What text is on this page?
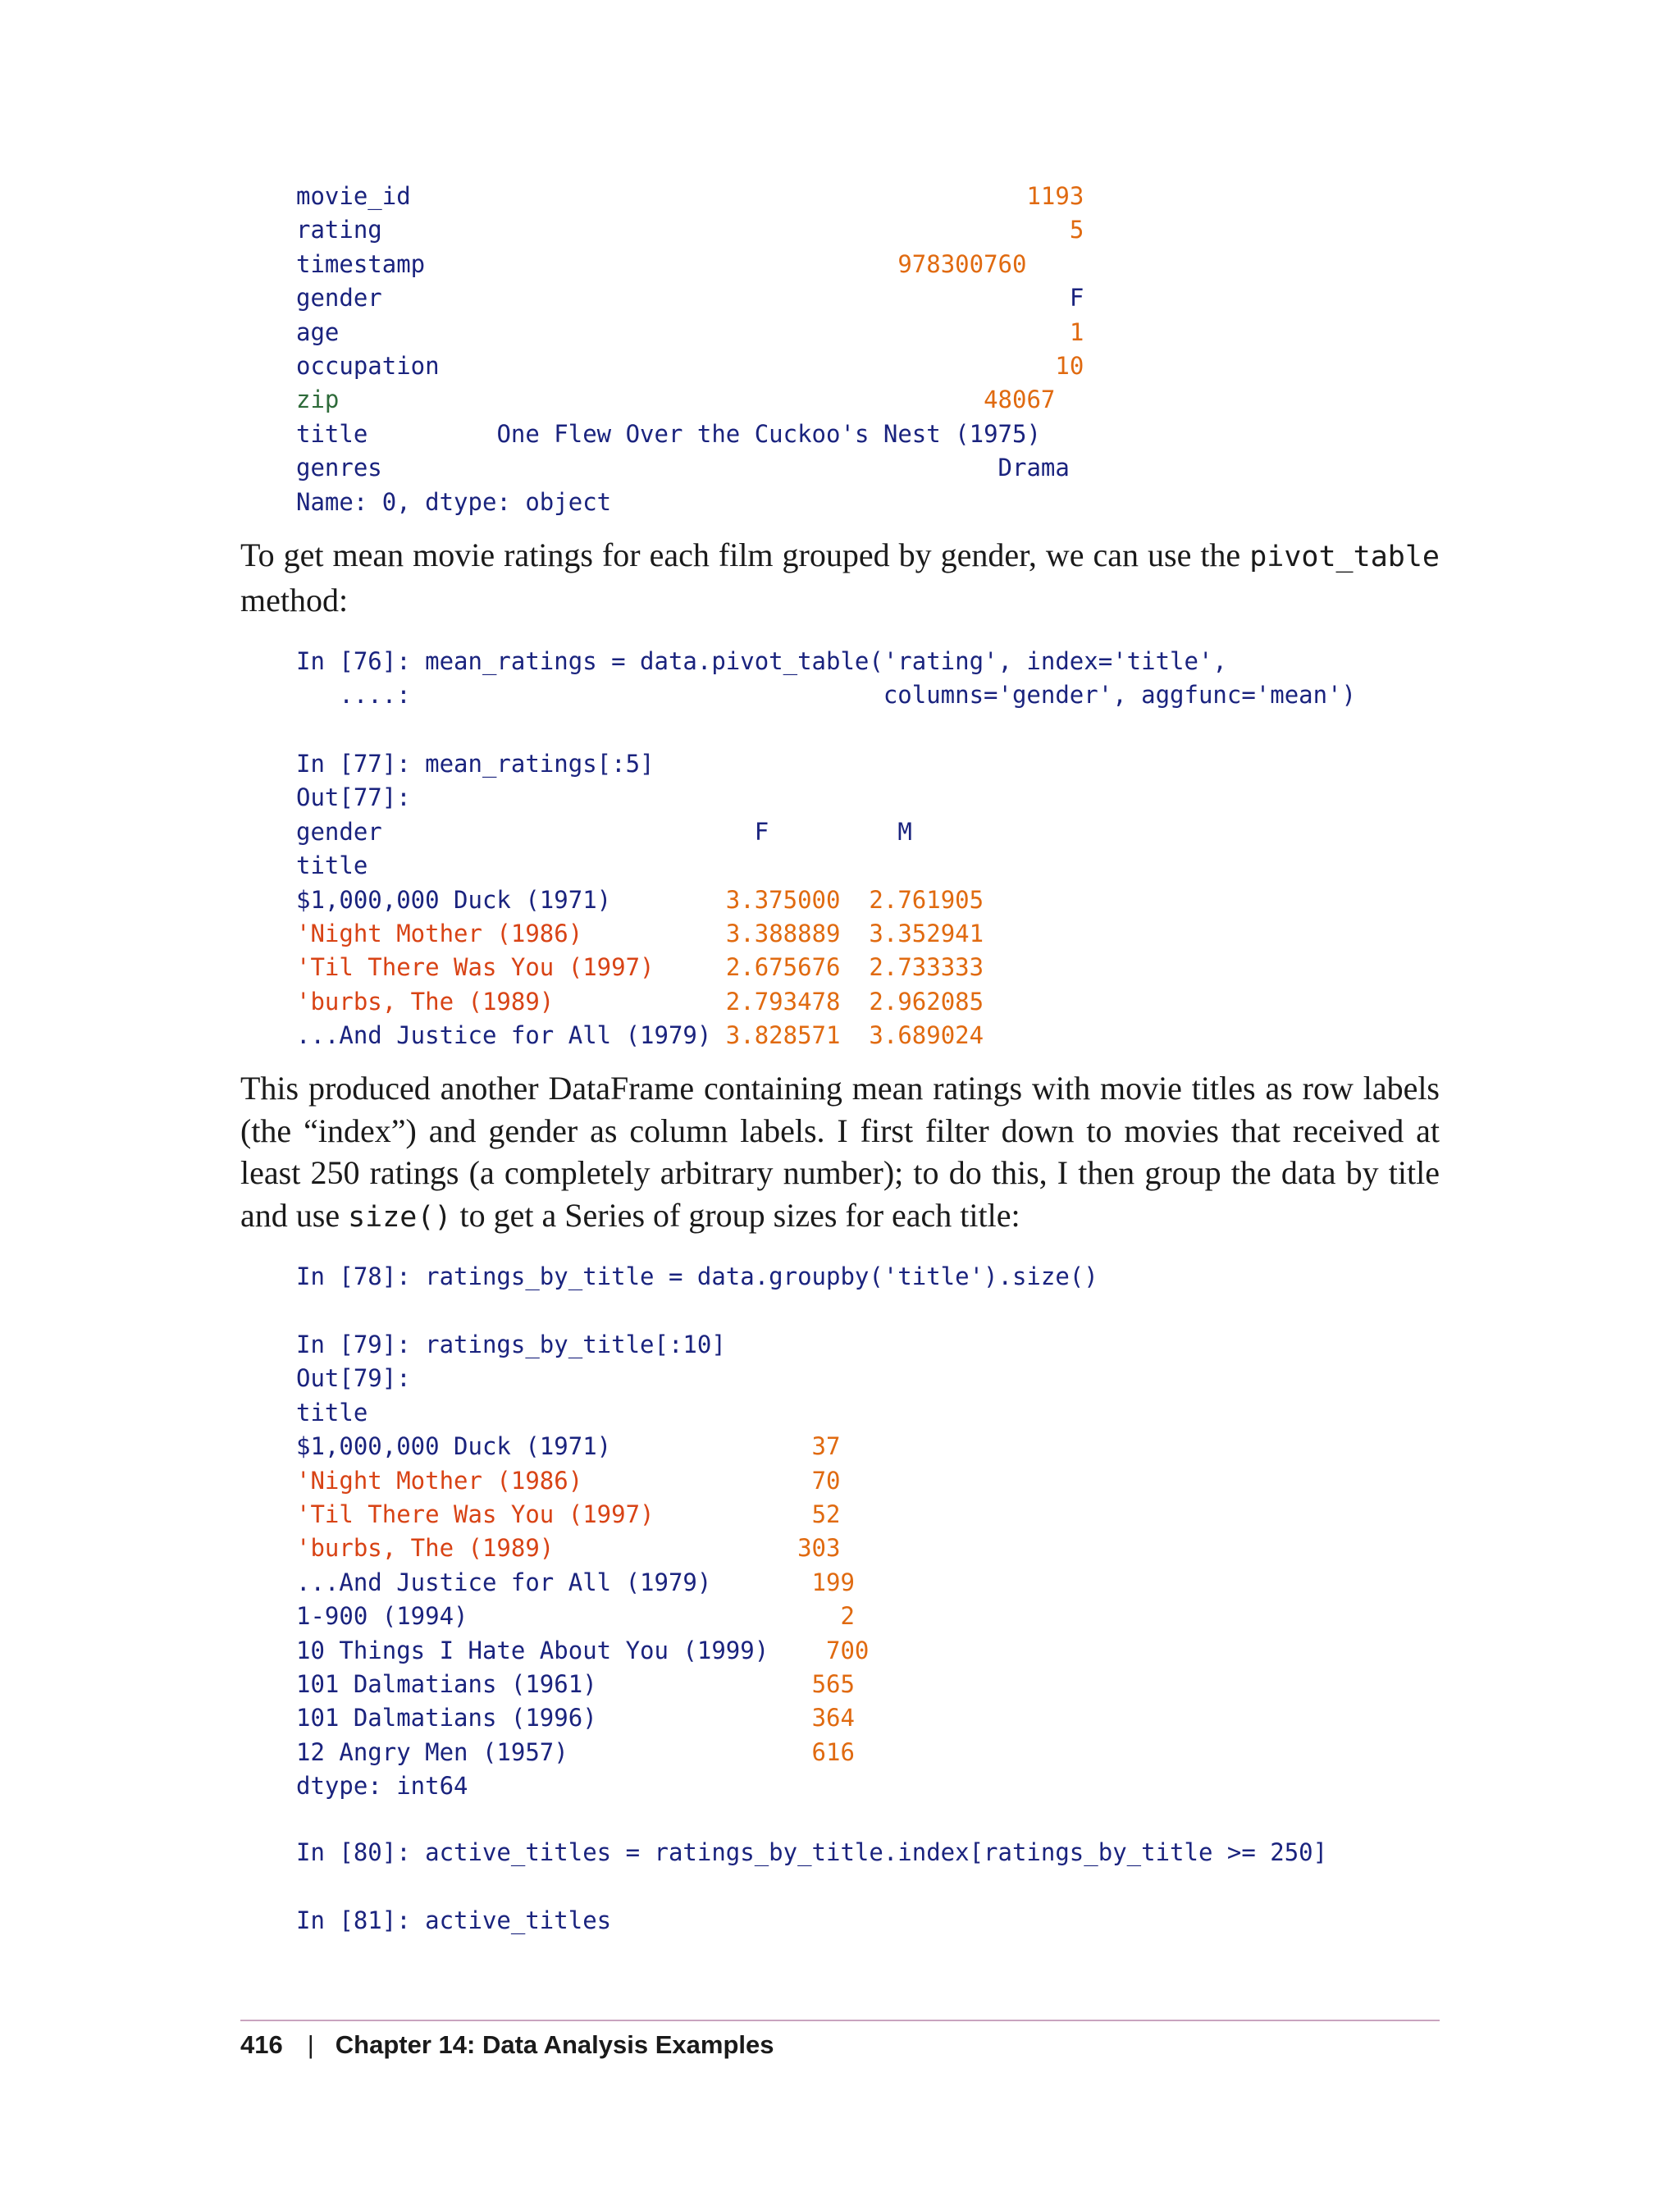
movie_id	1193
rating	5
timestamp	978300760
gender	F
age	1
occupation	10
zip	48067
title	One Flew Over the Cuckoo's Nest (1975)
genres	Drama
Name: 0, dtype: object

To get mean movie ratings for each film grouped by gender, we can use the pivot_table method:

In [76]: mean_ratings = data.pivot_table('rating', index='title',
....:                                 columns='gender', aggfunc='mean')
In [77]: mean_ratings[:5]
Out[77]:
gender	F	M
title
$1,000,000 Duck (1971)	3.375000 2.761905
'Night Mother (1986)	3.388889 3.352941
'Til There Was You (1997)	2.675676 2.733333
'burbs, The (1989)	2.793478 2.962085
...And Justice for All (1979) 3.828571 3.689024

This produced another DataFrame containing mean ratings with movie titles as row labels (the “index”) and gender as column labels. I first filter down to movies that received at least 250 ratings (a completely arbitrary number); to do this, I then group the data by title and use size() to get a Series of group sizes for each title:

In [78]: ratings_by_title = data.groupby('title').size()
In [79]: ratings_by_title[:10]
Out[79]:
title
$1,000,000 Duck (1971)	37
'Night Mother (1986)	70
'Til There Was You (1997)	52
'burbs, The (1989)	303
...And Justice for All (1979)	199
1-900 (1994)	2
10 Things I Hate About You (1999) 700
101 Dalmatians (1961)	565
101 Dalmatians (1996)	364
12 Angry Men (1957)	616
dtype: int64
In [80]: active_titles = ratings_by_title.index[ratings_by_title >= 250]

In [81]: active_titles
416 | Chapter 14: Data Analysis Examples
